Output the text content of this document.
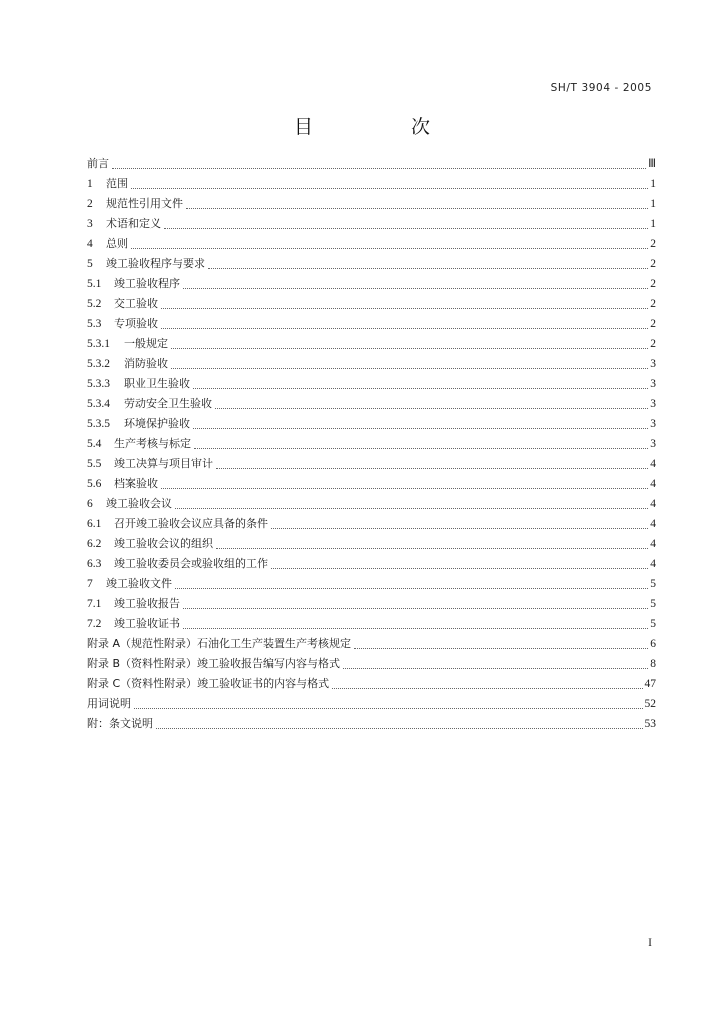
SH/T 3904 - 2005
目	次
前言	Ⅲ
1	范围	1
2	规范性引用文件	1
3	术语和定义	1
4	总则	2
5	竣工验收程序与要求	2
5.1	竣工验收程序	2
5.2	交工验收	2
5.3	专项验收	2
5.3.1	一般规定	2
5.3.2	消防验收	3
5.3.3	职业卫生验收	3
5.3.4	劳动安全卫生验收	3
5.3.5	环境保护验收	3
5.4	生产考核与标定	3
5.5	竣工决算与项目审计	4
5.6	档案验收	4
6	竣工验收会议	4
6.1	召开竣工验收会议应具备的条件	4
6.2	竣工验收会议的组织	4
6.3	竣工验收委员会或验收组的工作	4
7	竣工验收文件	5
7.1	竣工验收报告	5
7.2	竣工验收证书	5
附录 A（规范性附录）石油化工生产装置生产考核规定	6
附录 B（资料性附录）竣工验收报告编写内容与格式	8
附录 C（资料性附录）竣工验收证书的内容与格式	47
用词说明	52
附：条文说明	53
I
